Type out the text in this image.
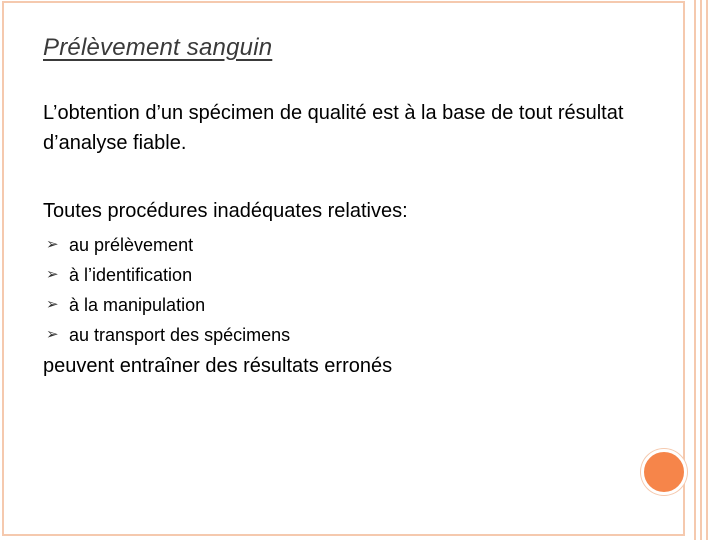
Prélèvement sanguin
L’obtention d’un spécimen de qualité est à la base de tout résultat d’analyse fiable.
Toutes procédures inadéquates relatives:
➢ au prélèvement
➢ à l’identification
➢ à la manipulation
➢ au transport des spécimens
peuvent entraîner des résultats erronés
